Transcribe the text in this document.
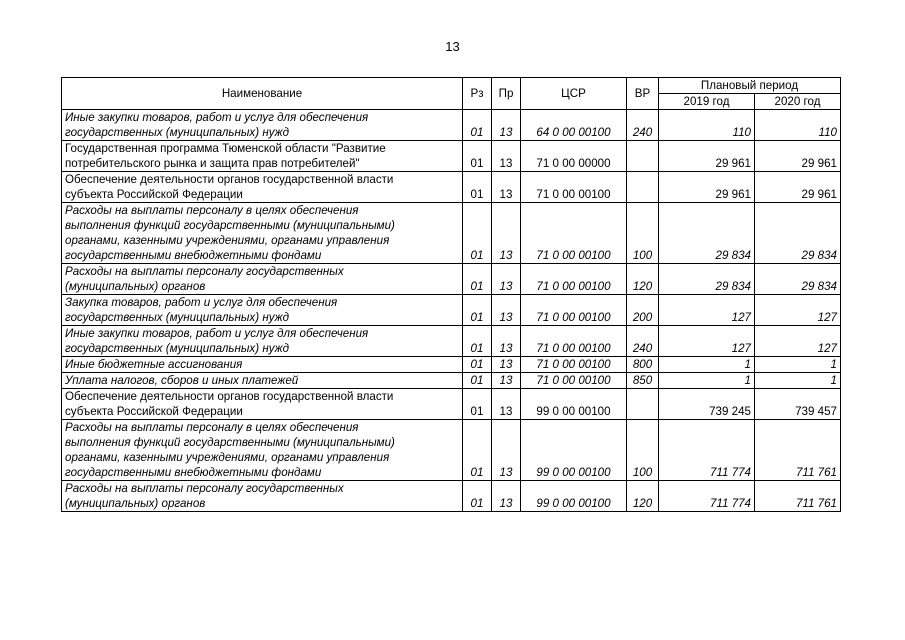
13
Наименование	Рз	Пр	ЦСР	ВР	Плановый период	
					2019 год	2020 год

Иные закупки товаров, работ и услуг для обеспечения
государственных (муниципальных) нужд	01	13	64 0 00 00100	240	110	110

Государственная программа Тюменской области "Развитие
потребительского рынка и защита прав потребителей"	01	13	71 0 00 00000		29 961	29 961

Обеспечение деятельности органов государственной власти
субъекта Российской Федерации	01	13	71 0 00 00100		29 961	29 961

Расходы на выплаты персоналу в целях обеспечения
выполнения функций государственными (муниципальными)
органами, казенными учреждениями, органами управления
государственными внебюджетными фондами	01	13	71 0 00 00100	100	29 834	29 834

Расходы на выплаты персоналу государственных
(муниципальных) органов	01	13	71 0 00 00100	120	29 834	29 834

Закупка товаров, работ и услуг для обеспечения
государственных (муниципальных) нужд	01	13	71 0 00 00100	200	127	127

Иные закупки товаров, работ и услуг для обеспечения
государственных (муниципальных) нужд	01	13	71 0 00 00100	240	127	127

Иные бюджетные ассигнования	01	13	71 0 00 00100	800	1	1

Уплата налогов, сборов и иных платежей	01	13	71 0 00 00100	850	1	1

Обеспечение деятельности органов государственной власти
субъекта Российской Федерации	01	13	99 0 00 00100		739 245	739 457

Расходы на выплаты персоналу в целях обеспечения
выполнения функций государственными (муниципальными)
органами, казенными учреждениями, органами управления
государственными внебюджетными фондами	01	13	99 0 00 00100	100	711 774	711 761

Расходы на выплаты персоналу государственных
(муниципальных) органов	01	13	99 0 00 00100	120	711 774	711 761
